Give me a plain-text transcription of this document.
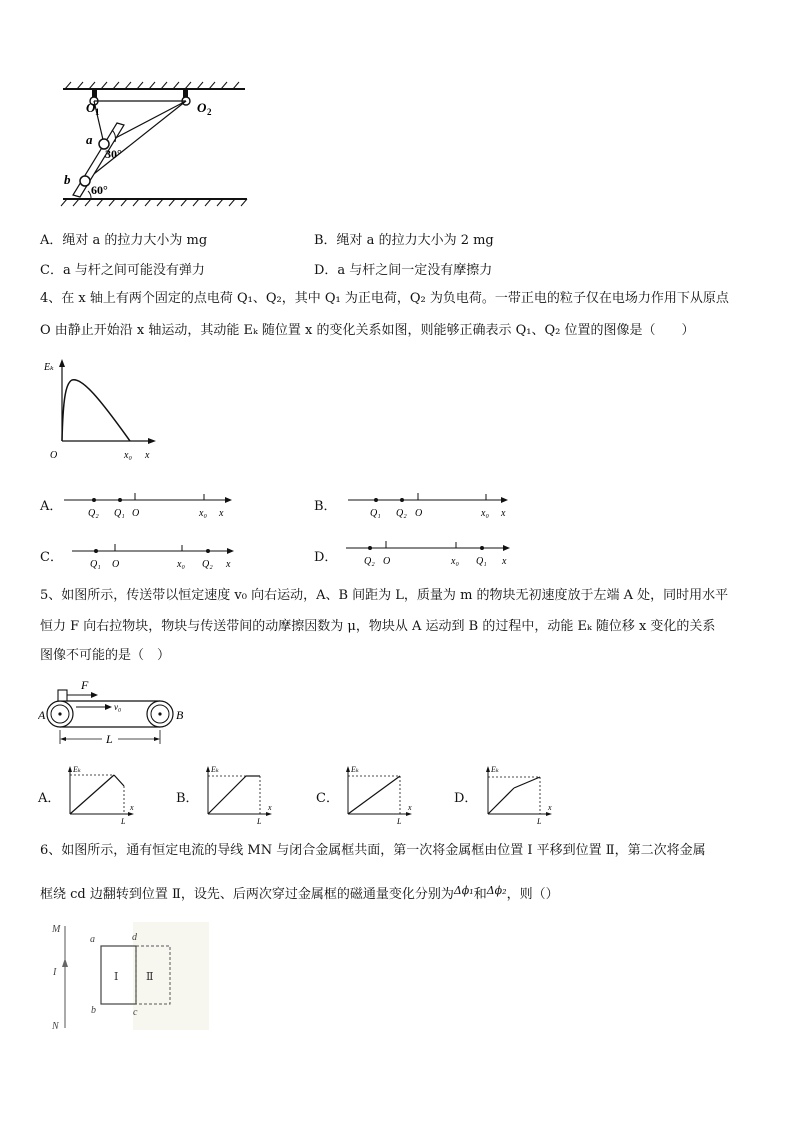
O 1	O 2
a
b
30°
60°
A．绳对 a 的拉力大小为 mg	B．绳对 a 的拉力大小为 2 mg
C．a 与杆之间可能没有弹力	D．a 与杆之间一定没有摩擦力
4、在 x 轴上有两个固定的点电荷 Q₁、Q₂，其中 Q₁ 为正电荷，Q₂ 为负电荷。一带正电的粒子仅在电场力作用下从原点
O 由静止开始沿 x 轴运动，其动能 Eₖ 随位置 x 的变化关系如图，则能够正确表示 Q₁、Q₂ 位置的图像是（　　）
Eₖ
O	x₀ x
A．	Q₂ Q₁ O	x₀ x	B．	Q₁ Q₂ O	x₀ x
C．	Q₁ O	x₀ Q₂ x	D．	Q₂ O	x₀ Q₁ x
5、如图所示，传送带以恒定速度 v₀ 向右运动，A、B 间距为 L，质量为 m 的物块无初速度放于左端 A 处，同时用水平
恒力 F 向右拉物块，物块与传送带间的动摩擦因数为 μ，物块从 A 运动到 B 的过程中，动能 Eₖ 随位移 x 变化的关系
图像不可能的是（　）
F
v₀
A	B
L
A．
Eₖ
x
L
B．
Eₖ
x
L
C．
Eₖ
x
L
D．
Eₖ
x
L
6、如图所示，通有恒定电流的导线 MN 与闭合金属框共面，第一次将金属框由位置 Ⅰ 平移到位置 Ⅱ，第二次将金属
框绕 cd 边翻转到位置 Ⅱ，设先、后两次穿过金属框的磁通量变化分别为$^{\Delta\phi_1}$和$^{\Delta\phi_2}$，则（）
M
I
N
a	d
b	c
Ⅰ	Ⅱ
